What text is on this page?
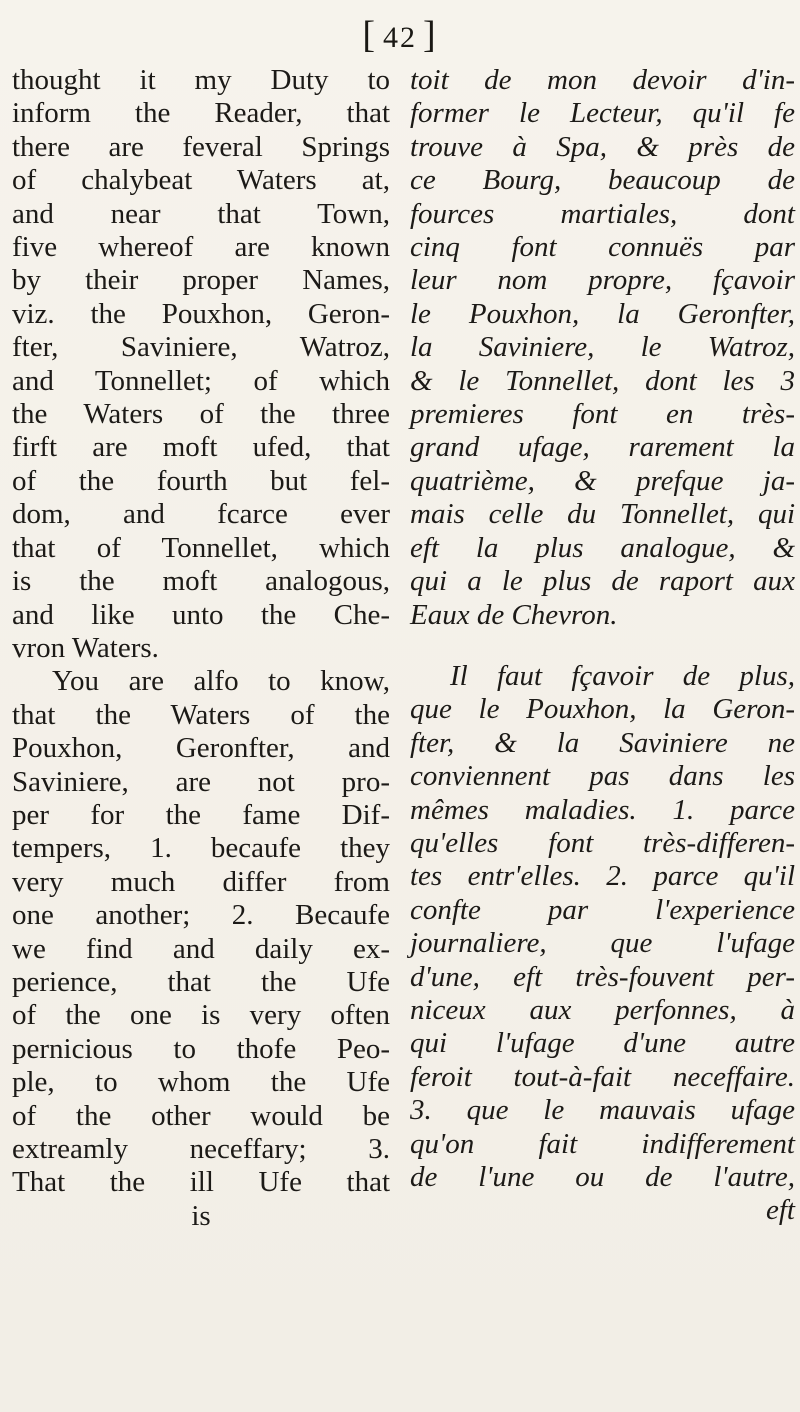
[ 42 ]
thought it my Duty to
inform the Reader, that
there are feveral Springs
of chalybeat Waters at,
and near that Town,
five whereof are known
by their proper Names,
viz. the Pouxhon, Geron-
fter, Saviniere, Watroz,
and Tonnellet; of which
the Waters of the three
firft are moft ufed, that
of the fourth but fel-
dom, and fcarce ever
that of Tonnellet, which
is the moft analogous,
and like unto the Che-
vron Waters.
You are alfo to know,
that the Waters of the
Pouxhon, Geronfter, and
Saviniere, are not pro-
per for the fame Dif-
tempers, 1. becaufe they
very much differ from
one another; 2. Becaufe
we find and daily ex-
perience, that the Ufe
of the one is very often
pernicious to thofe Peo-
ple, to whom the Ufe
of the other would be
extreamly neceffary; 3.
That the ill Ufe that
is
toit de mon devoir d'in-
former le Lecteur, qu'il fe
trouve à Spa, & près de
ce Bourg, beaucoup de
fources martiales, dont
cinq font connuës par
leur nom propre, fçavoir
le Pouxhon, la Geronfter,
la Saviniere, le Watroz,
& le Tonnellet, dont les 3
premieres font en très-
grand ufage, rarement la
quatrième, & prefque ja-
mais celle du Tonnellet, qui
eft la plus analogue, &
qui a le plus de raport aux
Eaux de Chevron.
Il faut fçavoir de plus,
que le Pouxhon, la Geron-
fter, & la Saviniere ne
conviennent pas dans les
mêmes maladies. 1. parce
qu'elles font très-differen-
tes entr'elles. 2. parce qu'il
confte par l'experience
journaliere, que l'ufage
d'une, eft très-fouvent per-
niceux aux perfonnes, à
qui l'ufage d'une autre
feroit tout-à-fait neceffaire.
3. que le mauvais ufage
qu'on fait indifferement
de l'une ou de l'autre,
eft
